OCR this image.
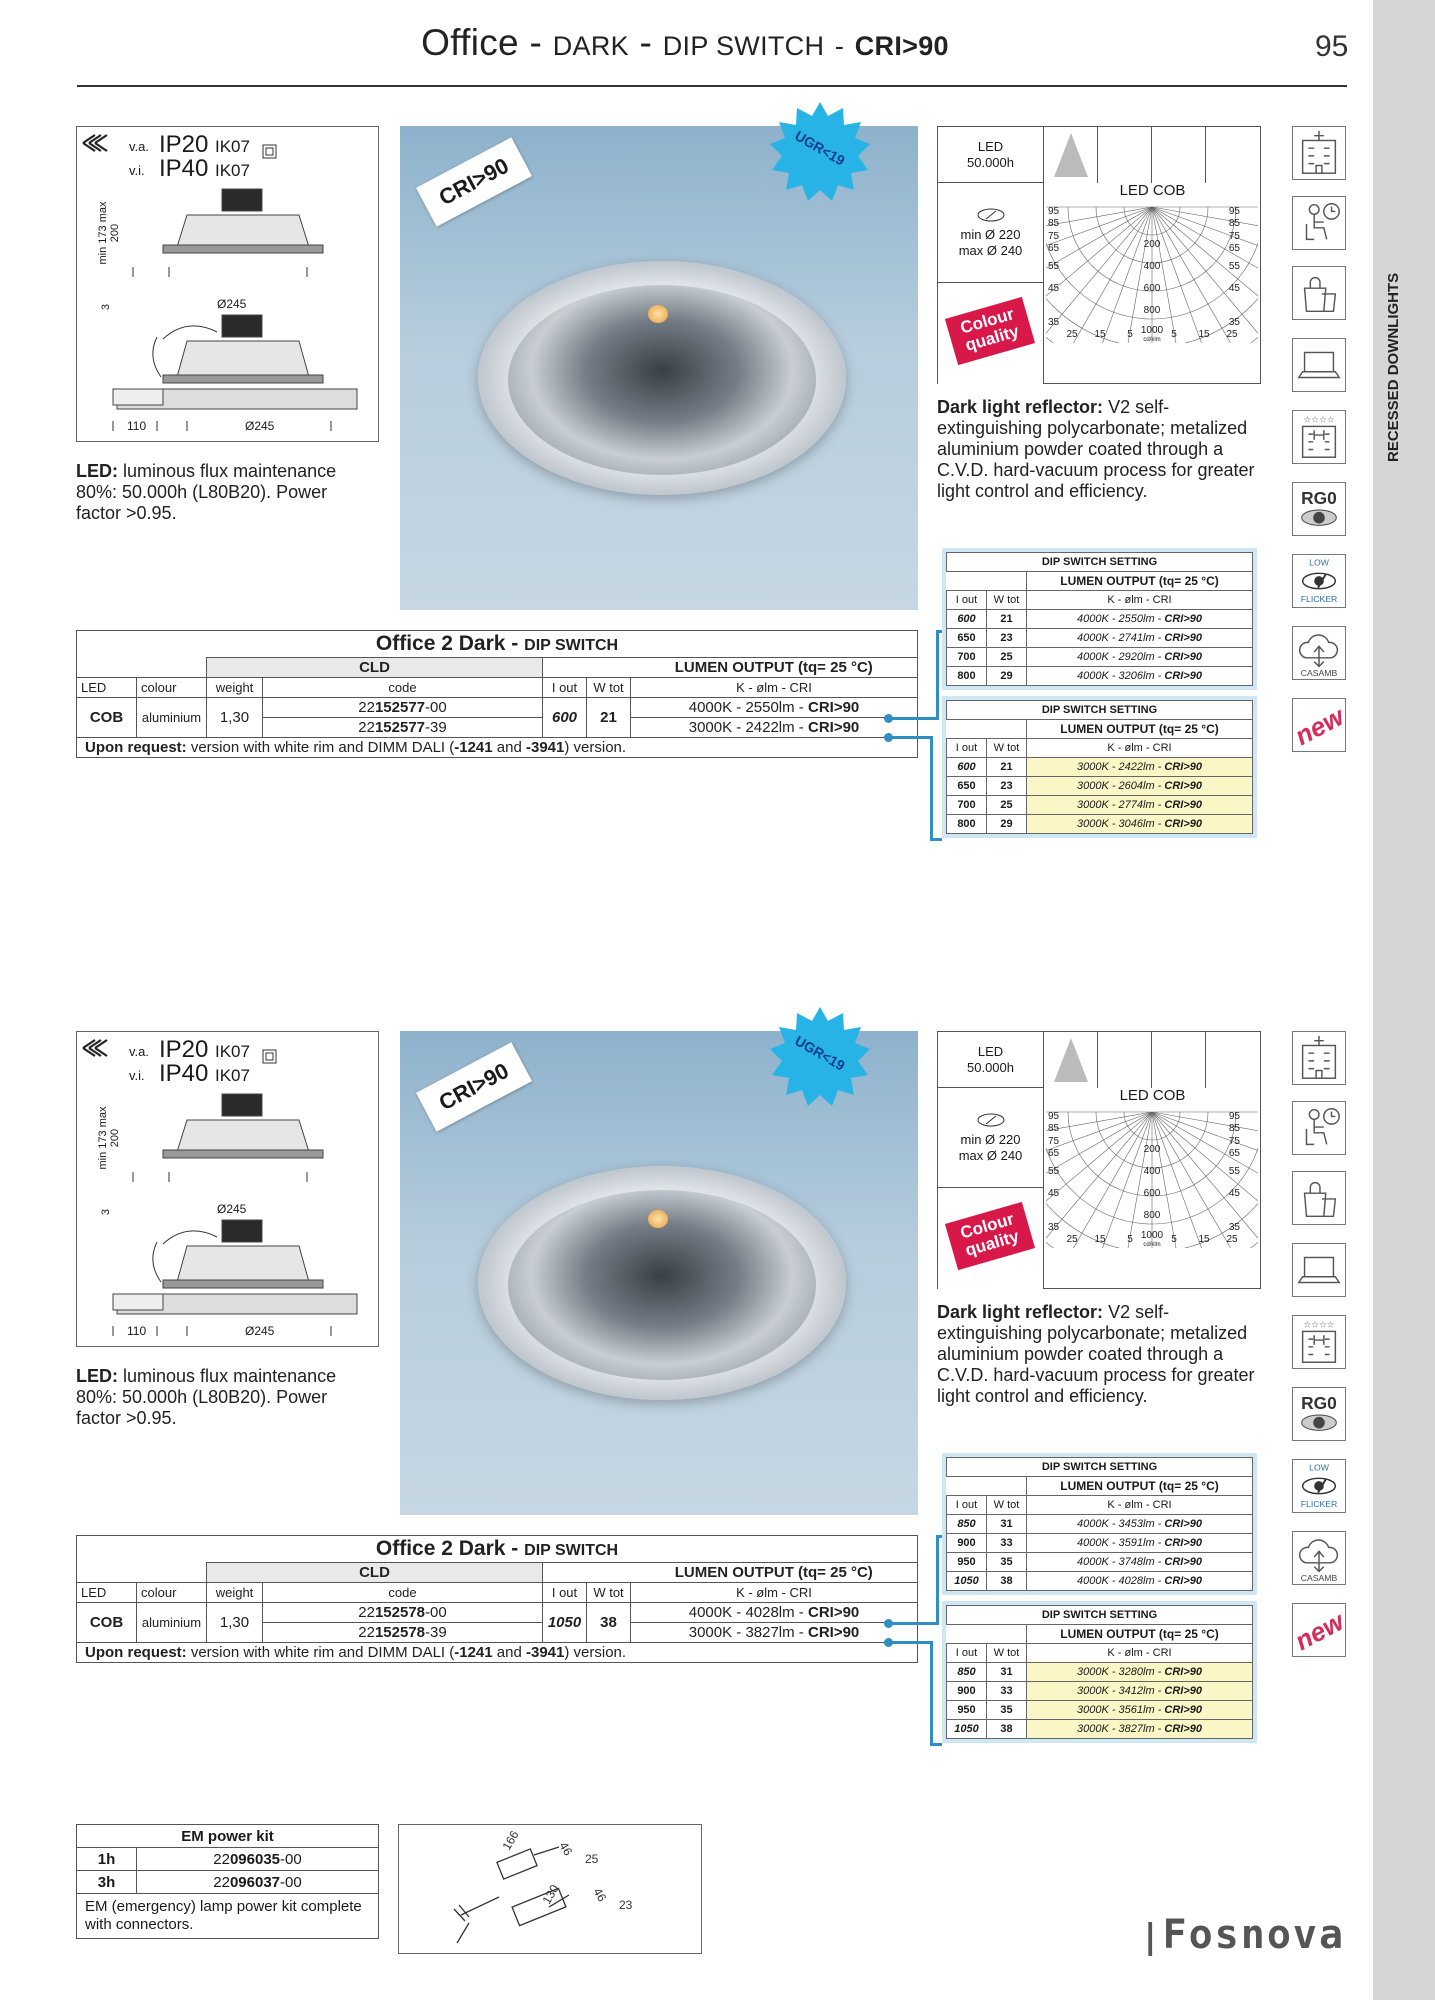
Office - DARK - DIP SWITCH - CRI>90	95
v.a. IP20 IK07
v.i. IP40 IK07
min 173 max 200
3	Ø245
110	Ø245
LED: luminous flux maintenance 80%: 50.000h (L80B20). Power factor >0.95.
CRI>90
UGR<19	LED
50.000h
min Ø 220
max Ø 240
Colour quality
LED COB
200
400
600
800
1000
cd/klm
95
85
75
65
55
45
35
95
85
75
65
55
45
35
25 15 5	5 15 25
Dark light reflector: V2 self-extinguishing polycarbonate; metalized aluminium powder coated through a C.V.D. hard-vacuum process for greater light control and efficiency.
Office 2 Dark - DIP SWITCH						
		CLD				LUMEN OUTPUT (tq= 25 °C)
LED	colour	weight	code	I out	W tot	K - ølm - CRI
COB	aluminium	1,30	22152577-00	600	21	4000K - 2550lm - CRI>90
			22152577-39			3000K - 2422lm - CRI>90
Upon request: version with white rim and DIMM DALI (-1241 and -3941) version.						
DIP SWITCH SETTING		
		LUMEN OUTPUT (tq= 25 °C)
I out	W tot	K - ølm - CRI
600	21	4000K - 2550lm - CRI>90
650	23	4000K - 2741lm - CRI>90
700	25	4000K - 2920lm - CRI>90
800	29	4000K - 3206lm - CRI>90
DIP SWITCH SETTING		
		LUMEN OUTPUT (tq= 25 °C)
I out	W tot	K - ølm - CRI
600	21	3000K - 2422lm - CRI>90
650	23	3000K - 2604lm - CRI>90
700	25	3000K - 2774lm - CRI>90
800	29	3000K - 3046lm - CRI>90
☆☆☆☆
RG0
LOW
FLICKER
CASAMB
new
v.a. IP20 IK07
v.i. IP40 IK07
min 173 max 200
3	Ø245
110	Ø245
LED: luminous flux maintenance 80%: 50.000h (L80B20). Power factor >0.95.
CRI>90
UGR<19	LED
50.000h
min Ø 220
max Ø 240
Colour quality
LED COB
200
400
600
800
1000
cd/klm
95
85
75
65
55
45
35
95
85
75
65
55
45
35
25 15 5	5 15 25
Dark light reflector: V2 self-extinguishing polycarbonate; metalized aluminium powder coated through a C.V.D. hard-vacuum process for greater light control and efficiency.
Office 2 Dark - DIP SWITCH						
		CLD				LUMEN OUTPUT (tq= 25 °C)
LED	colour	weight	code	I out	W tot	K - ølm - CRI
COB	aluminium	1,30	22152578-00	1050	38	4000K - 4028lm - CRI>90
			22152578-39			3000K - 3827lm - CRI>90
Upon request: version with white rim and DIMM DALI (-1241 and -3941) version.						
DIP SWITCH SETTING		
		LUMEN OUTPUT (tq= 25 °C)
I out	W tot	K - ølm - CRI
850	31	4000K - 3453lm - CRI>90
900	33	4000K - 3591lm - CRI>90
950	35	4000K - 3748lm - CRI>90
1050	38	4000K - 4028lm - CRI>90
DIP SWITCH SETTING		
		LUMEN OUTPUT (tq= 25 °C)
I out	W tot	K - ølm - CRI
850	31	3000K - 3280lm - CRI>90
900	33	3000K - 3412lm - CRI>90
950	35	3000K - 3561lm - CRI>90
1050	38	3000K - 3827lm - CRI>90
☆☆☆☆
RG0
LOW
FLICKER
CASAMB
new
EM power kit	
1h	22096035-00
3h	22096037-00
EM (emergency) lamp power kit complete with connectors.	
166	46
25
130 46
23
|Fosnova
